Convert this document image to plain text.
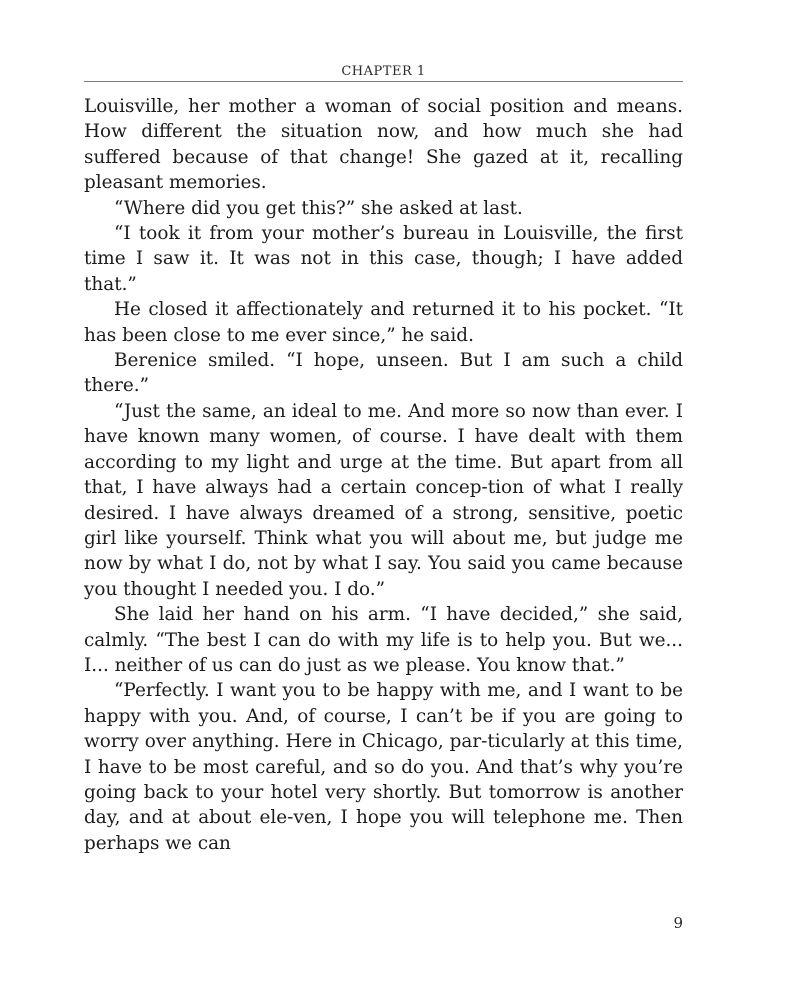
CHAPTER 1

Louisville, her mother a woman of social position and means. How different the situation now, and how much she had suffered because of that change! She gazed at it, recalling pleasant memories.

“Where did you get this?” she asked at last.

“I took it from your mother’s bureau in Louisville, the first time I saw it. It was not in this case, though; I have added that.”

He closed it affectionately and returned it to his pocket. “It has been close to me ever since,” he said.

Berenice smiled. “I hope, unseen. But I am such a child there.”

“Just the same, an ideal to me. And more so now than ever. I have known many women, of course. I have dealt with them according to my light and urge at the time. But apart from all that, I have always had a certain concep-tion of what I really desired. I have always dreamed of a strong, sensitive, poetic girl like yourself. Think what you will about me, but judge me now by what I do, not by what I say. You said you came because you thought I needed you. I do.”

She laid her hand on his arm. “I have decided,” she said, calmly. “The best I can do with my life is to help you. But we... I... neither of us can do just as we please. You know that.”

“Perfectly. I want you to be happy with me, and I want to be happy with you. And, of course, I can’t be if you are going to worry over anything. Here in Chicago, par-ticularly at this time, I have to be most careful, and so do you. And that’s why you’re going back to your hotel very shortly. But tomorrow is another day, and at about ele-ven, I hope you will telephone me. Then perhaps we can

9
